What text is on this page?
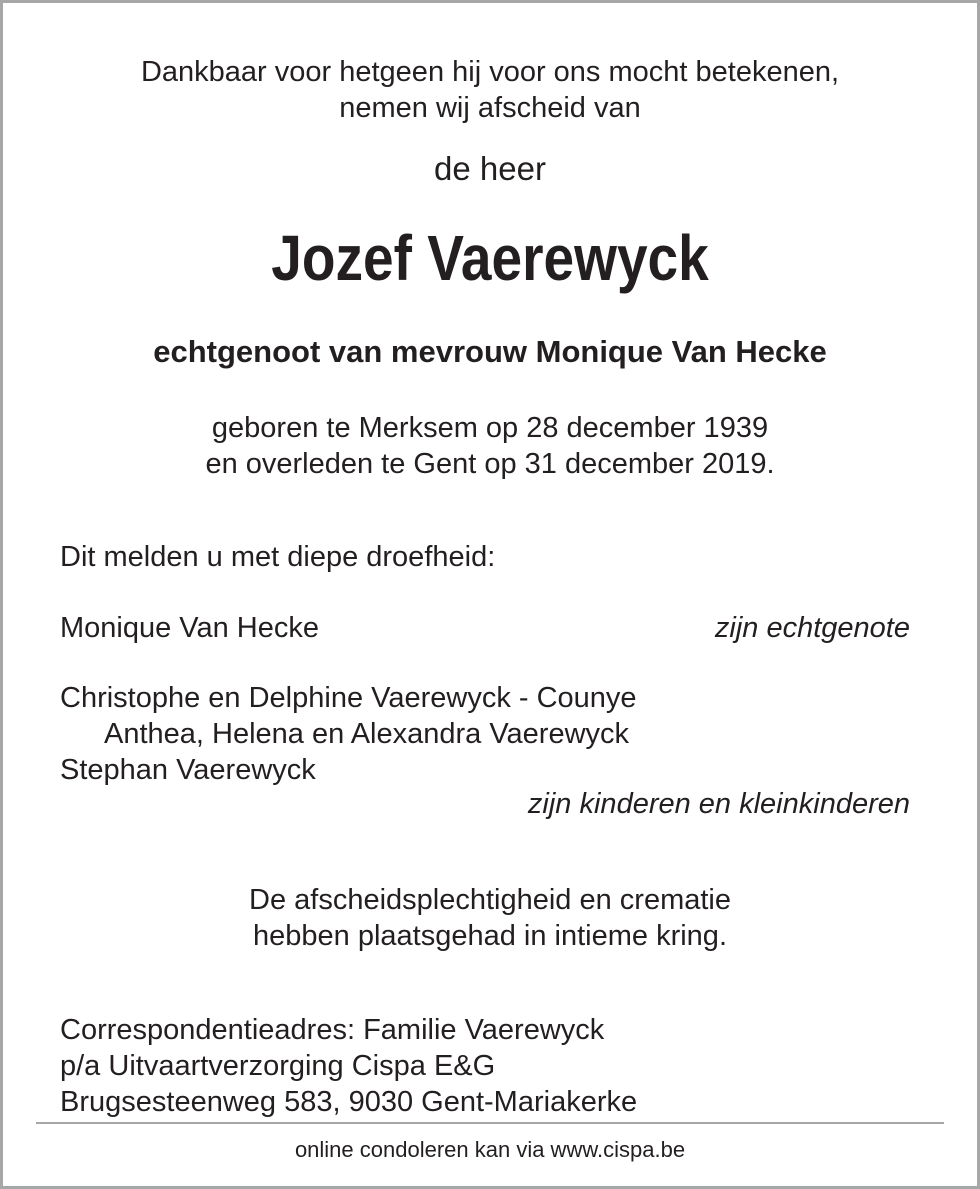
Dankbaar voor hetgeen hij voor ons mocht betekenen,
nemen wij afscheid van
de heer
Jozef Vaerewyck
echtgenoot van mevrouw Monique Van Hecke
geboren te Merksem op 28 december 1939
en overleden te Gent op 31 december 2019.
Dit melden u met diepe droefheid:
Monique Van Hecke	zijn echtgenote
Christophe en Delphine Vaerewyck - Counye
Anthea, Helena en Alexandra Vaerewyck
Stephan Vaerewyck
zijn kinderen en kleinkinderen
De afscheidsplechtigheid en crematie
hebben plaatsgehad in intieme kring.
Correspondentieadres: Familie Vaerewyck
p/a Uitvaartverzorging Cispa E&G
Brugsesteenweg 583, 9030 Gent-Mariakerke
online condoleren kan via www.cispa.be
